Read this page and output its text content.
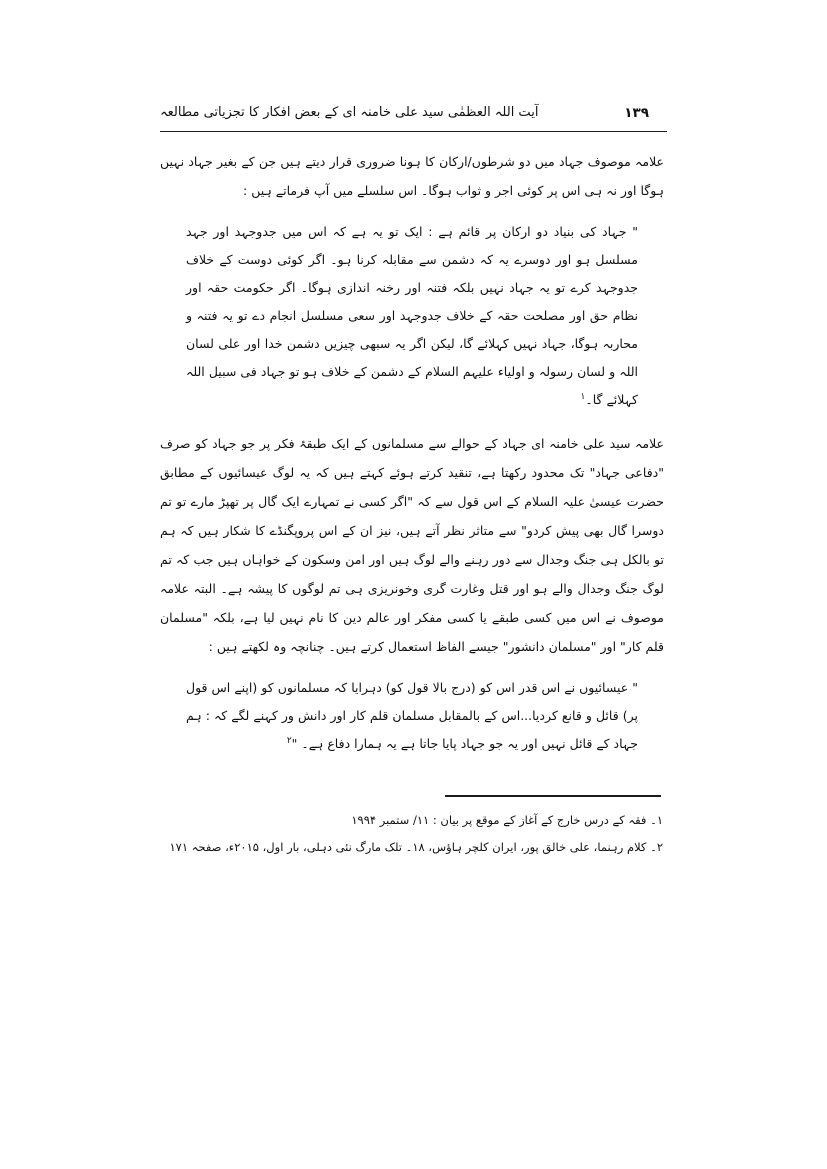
آیت اللہ العظمٰی سید علی خامنہ ای کے بعض افکار کا تجزیاتی مطالعہ	۱۳۹

علامہ موصوف جہاد میں دو شرطوں/ارکان کا ہونا ضروری قرار دیتے ہیں جن کے بغیر جہاد نہیں ہوگا اور نہ ہی اس پر کوئی اجر و ثواب ہوگا۔ اس سلسلے میں آپ فرماتے ہیں :

" جہاد کی بنیاد دو ارکان پر قائم ہے : ایک تو یہ ہے کہ اس میں جدوجہد اور جہد مسلسل ہو اور دوسرے یہ کہ دشمن سے مقابلہ کرنا ہو۔ اگر کوئی دوست کے خلاف جدوجہد کرے تو یہ جہاد نہیں بلکہ فتنہ اور رخنہ اندازی ہوگا۔ اگر حکومت حقہ اور نظام حق اور مصلحت حقہ کے خلاف جدوجہد اور سعی مسلسل انجام دے تو یہ فتنہ و محاربہ ہوگا، جہاد نہیں کہلائے گا، لیکن اگر یہ سبھی چیزیں دشمن خدا اور علی لسان اللہ و لسان رسولہ و اولیاء علیہم السلام کے دشمن کے خلاف ہو تو جہاد فی سبیل اللہ کہلائے گا۔$^۱$

علامہ سید علی خامنہ ای جہاد کے حوالے سے مسلمانوں کے ایک طبقۂ فکر پر جو جہاد کو صرف "دفاعی جہاد" تک محدود رکھتا ہے، تنقید کرتے ہوئے کہتے ہیں کہ یہ لوگ عیسائیوں کے مطابق حضرت عیسیٰ علیہ السلام کے اس قول سے کہ "اگر کسی نے تمہارے ایک گال پر تھپڑ مارے تو تم دوسرا گال بھی پیش کردو" سے متاثر نظر آتے ہیں، نیز ان کے اس پروپگنڈے کا شکار ہیں کہ ہم تو بالکل ہی جنگ وجدال سے دور رہنے والے لوگ ہیں اور امن وسکون کے خواہاں ہیں جب کہ تم لوگ جنگ وجدال والے ہو اور قتل وغارت گری وخونریزی ہی تم لوگوں کا پیشہ ہے۔ البتہ علامہ موصوف نے اس میں کسی طبقے یا کسی مفکر اور عالم دین کا نام نہیں لیا ہے، بلکہ "مسلمان قلم کار" اور "مسلمان دانشور" جیسے الفاظ استعمال کرتے ہیں۔ چنانچہ وہ لکھتے ہیں :

" عیسائیوں نے اس قدر اس کو (درج بالا قول کو) دہرایا کہ مسلمانوں کو (اپنے اس قول پر) قائل و قانع کردیا...اس کے بالمقابل مسلمان قلم کار اور دانش ور کہنے لگے کہ : ہم جہاد کے قائل نہیں اور یہ جو جہاد پایا جاتا ہے یہ ہمارا دفاع ہے۔ "$^۲$

۱۔ فقہ کے درس خارج کے آغاز کے موقع پر بیان : ۱۱/ ستمبر ۱۹۹۴

۲۔ کلام رہنما، علی خالق پور، ایران کلچر ہاؤس، ۱۸۔ تلک مارگ نئی دہلی، بار اول، ۲۰۱۵ء، صفحہ ۱۷۱
